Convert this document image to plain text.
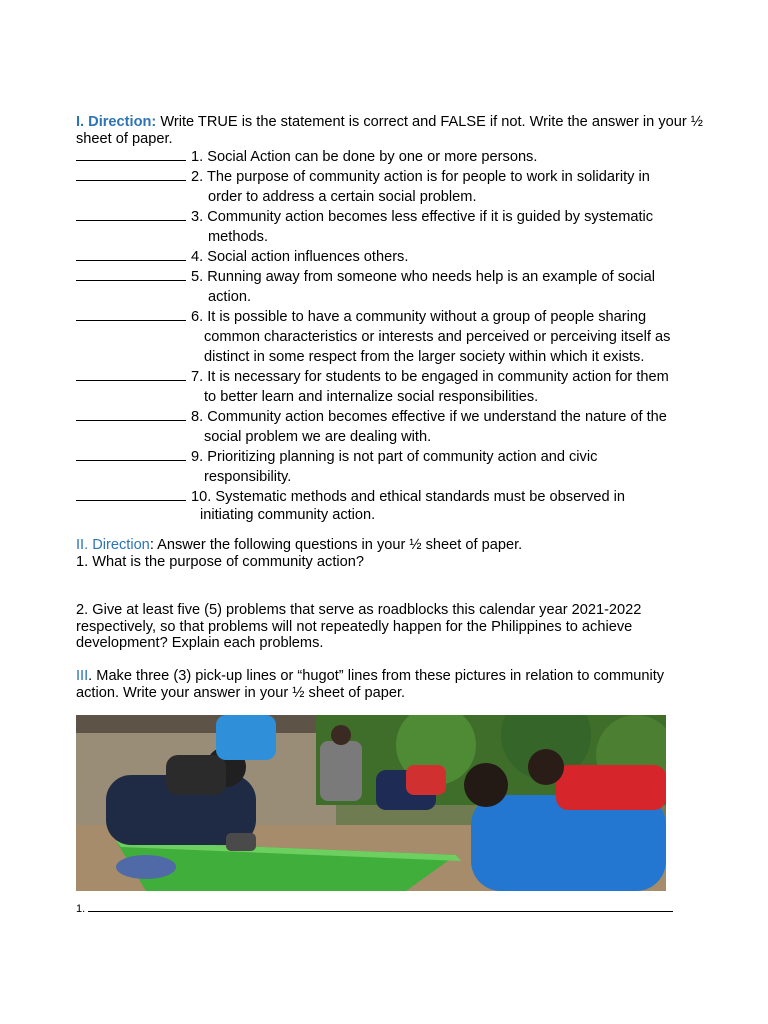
I. Direction: Write TRUE is the statement is correct and FALSE if not. Write the answer in your ½ sheet of paper.
1. Social Action can be done by one or more persons.
2. The purpose of community action is for people to work in solidarity in
order to address a certain social problem.
3. Community action becomes less effective if it is guided by systematic
methods.
4. Social action influences others.
5. Running away from someone who needs help is an example of social
action.
6. It is possible to have a community without a group of people sharing
common characteristics or interests and perceived or perceiving itself as
distinct in some respect from the larger society within which it exists.
7. It is necessary for students to be engaged in community action for them
to better learn and internalize social responsibilities.
8. Community action becomes effective if we understand the nature of the
social problem we are dealing with.
9. Prioritizing planning is not part of community action and civic
responsibility.
10. Systematic methods and ethical standards must be observed in
initiating community action.
II. Direction: Answer the following questions in your ½ sheet of paper.
1. What is the purpose of community action?
2. Give at least five (5) problems that serve as roadblocks this calendar year 2021-2022 respectively, so that problems will not repeatedly happen for the Philippines to achieve development? Explain each problems.
III. Make three (3) pick-up lines or “hugot” lines from these pictures in relation to community action. Write your answer in your ½ sheet of paper.
1.
